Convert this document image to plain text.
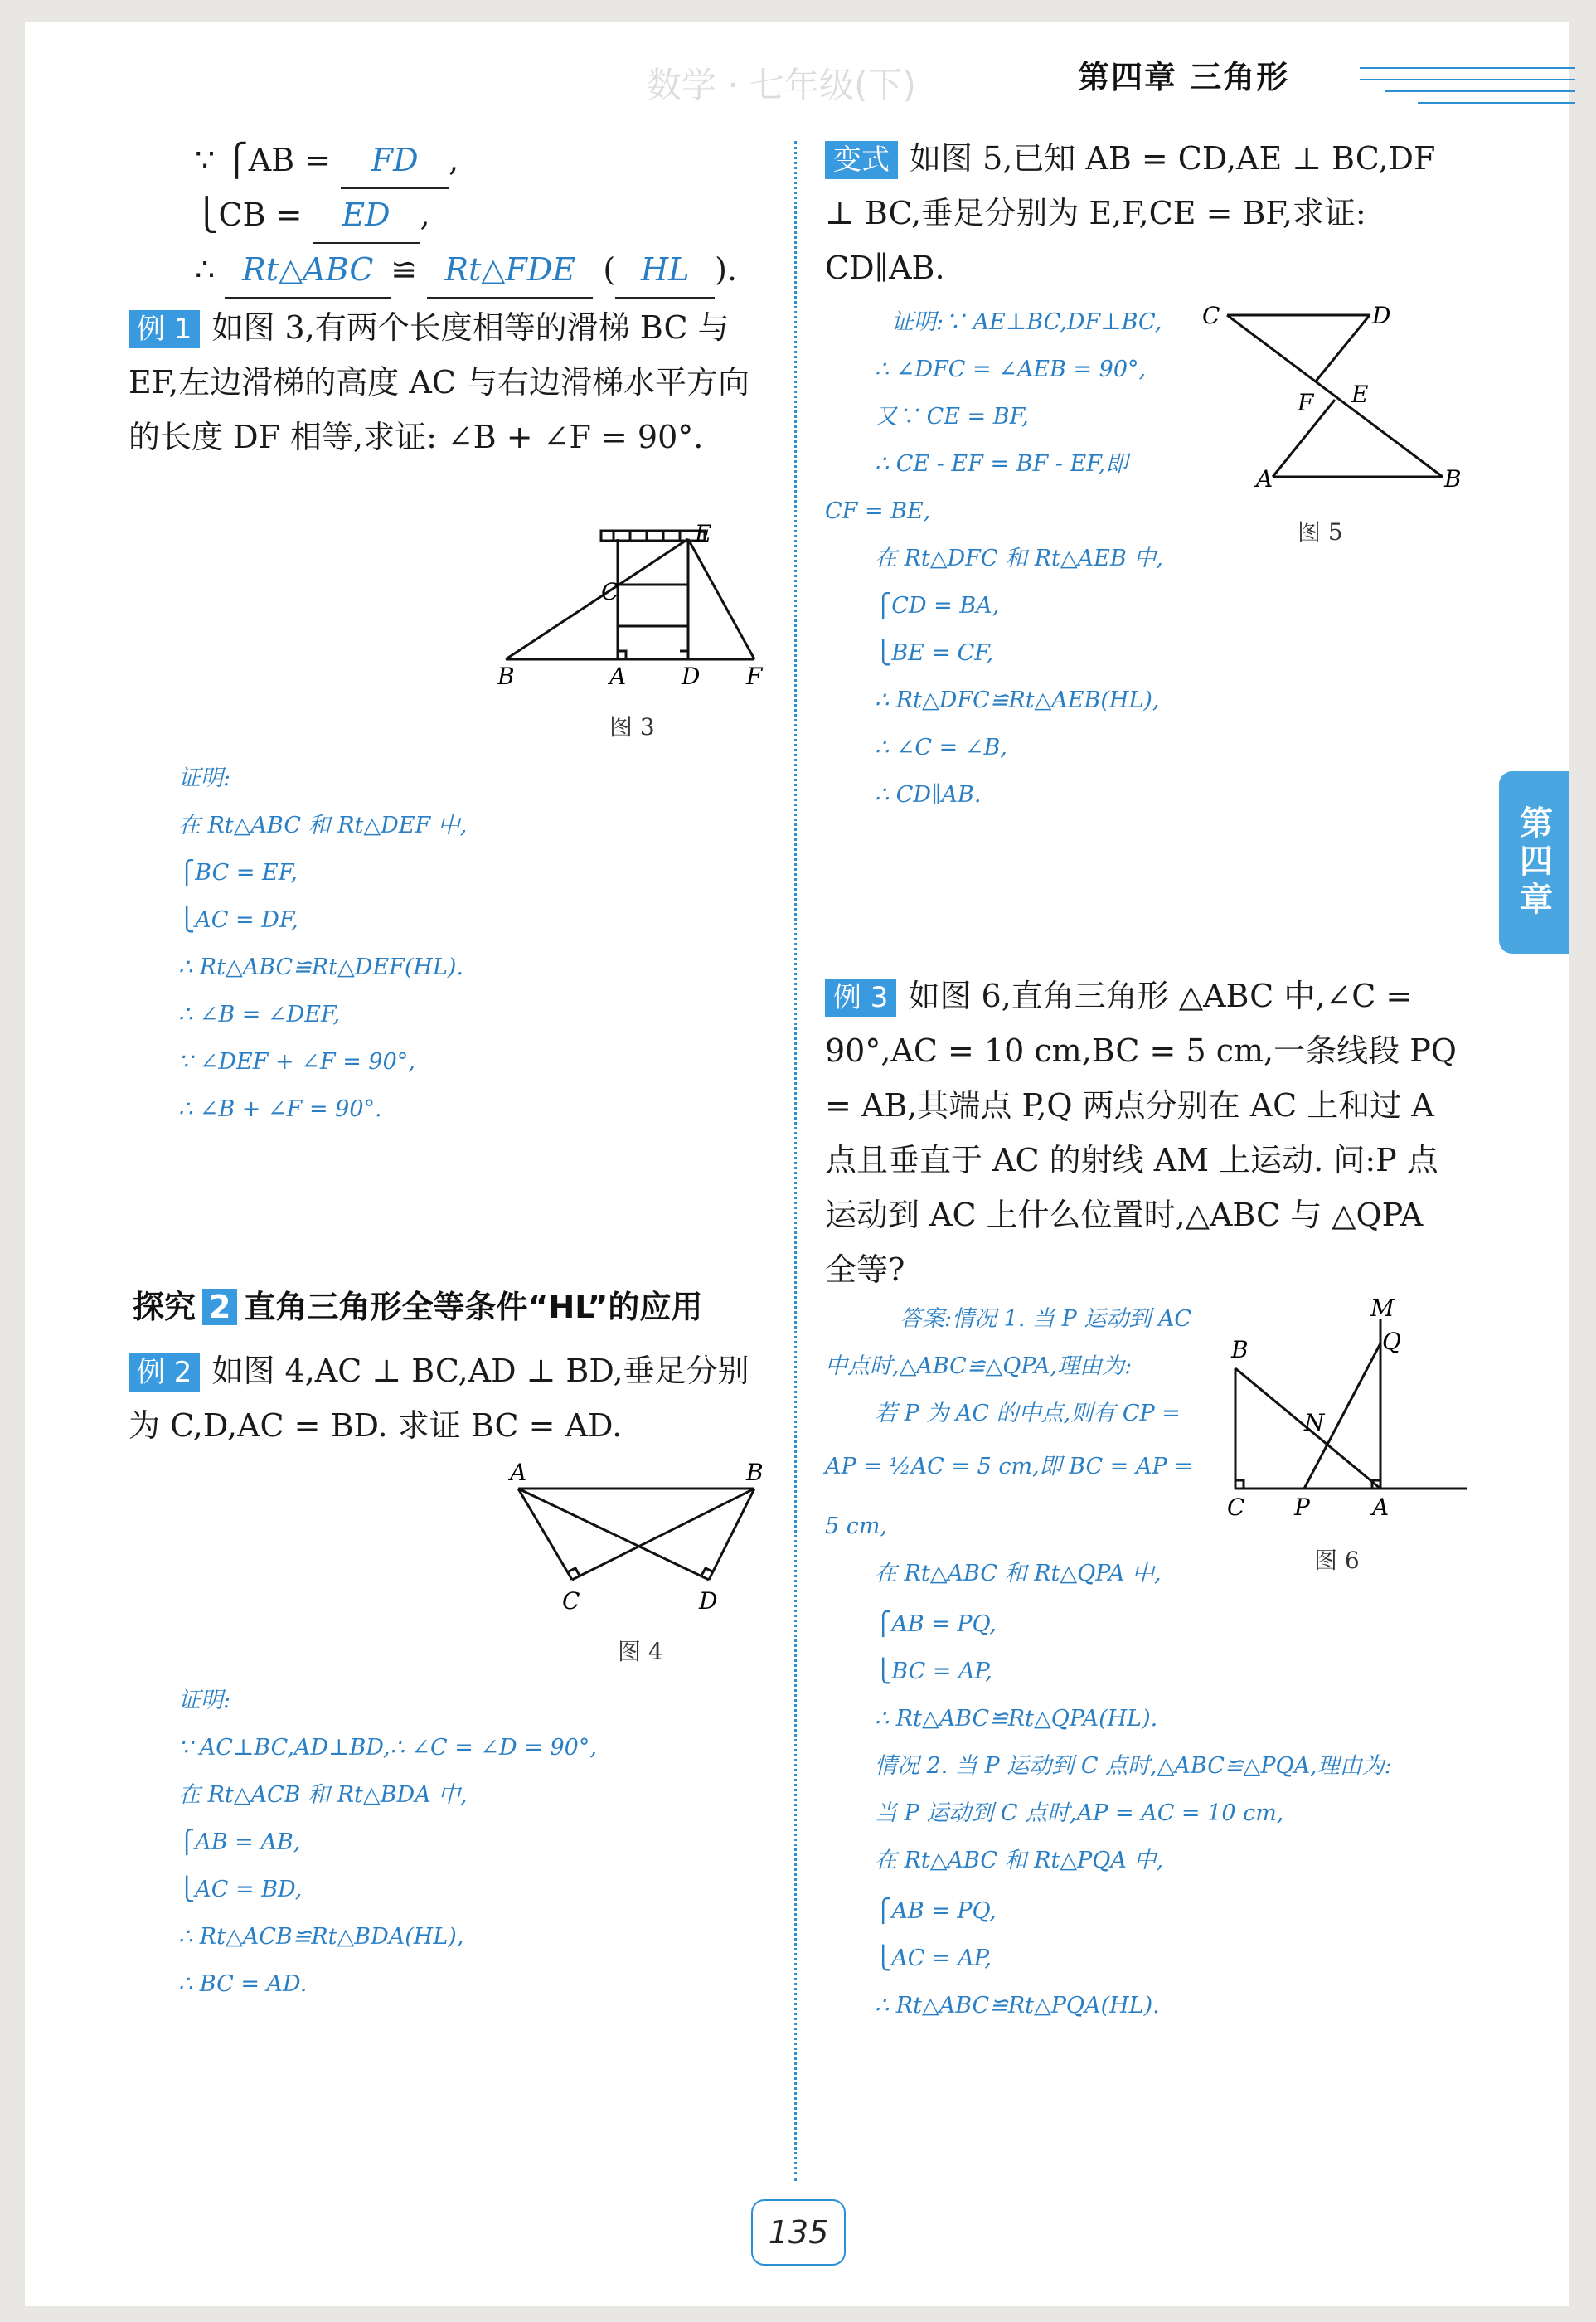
数学 · 七年级(下)	第四章 三角形
第四章
∵ ⎧AB = FD ,
⎩CB = ED ,
∴ Rt△ABC ≌ Rt△FDE ( HL ).
例 1 如图 3,有两个长度相等的滑梯 BC 与 EF,左边滑梯的高度 AC 与右边滑梯水平方向的长度 DF 相等,求证: ∠B + ∠F = 90°.
E
C
B	A D F
图 3
证明:
在 Rt△ABC 和 Rt△DEF 中,
⎧BC = EF,
⎩AC = DF,
∴ Rt△ABC≌Rt△DEF(HL).
∴ ∠B = ∠DEF,
∵ ∠DEF + ∠F = 90°,
∴ ∠B + ∠F = 90°.
探究 2 直角三角形全等条件“HL”的应用
例 2 如图 4,AC ⊥ BC,AD ⊥ BD,垂足分别为 C,D,AC = BD. 求证 BC = AD.
A	B
C	D
图 4
证明:
∵ AC⊥BC,AD⊥BD,∴ ∠C = ∠D = 90°,
在 Rt△ACB 和 Rt△BDA 中,
⎧AB = AB,
⎩AC = BD,
∴ Rt△ACB≌Rt△BDA(HL),
∴ BC = AD.
变式 如图 5,已知 AB = CD,AE ⊥ BC,DF ⊥ BC,垂足分别为 E,F,CE = BF,求证: CD∥AB.
C	D
F E
A	B
图 5
证明:∵ AE⊥BC,DF⊥BC,
∴ ∠DFC = ∠AEB = 90°,
又∵ CE = BF,
∴ CE - EF = BF - EF,即
CF = BE,
在 Rt△DFC 和 Rt△AEB 中,
⎧CD = BA,
⎩BE = CF,
∴ Rt△DFC≌Rt△AEB(HL),
∴ ∠C = ∠B,
∴ CD∥AB.
例 3 如图 6,直角三角形 △ABC 中,∠C = 90°,AC = 10 cm,BC = 5 cm,一条线段 PQ = AB,其端点 P,Q 两点分别在 AC 上和过 A 点且垂直于 AC 的射线 AM 上运动. 问:P 点运动到 AC 上什么位置时,△ABC 与 △QPA 全等?
M
Q
B
N
C P	A
图 6
答案:情况 1. 当 P 运动到 AC
中点时,△ABC≌△QPA,理由为:
若 P 为 AC 的中点,则有 CP =
AP = ½AC = 5 cm,即 BC = AP =
5 cm,
在 Rt△ABC 和 Rt△QPA 中,
⎧AB = PQ,
⎩BC = AP,
∴ Rt△ABC≌Rt△QPA(HL).
情况 2. 当 P 运动到 C 点时,△ABC≌△PQA,理由为:
当 P 运动到 C 点时,AP = AC = 10 cm,
在 Rt△ABC 和 Rt△PQA 中,
⎧AB = PQ,
⎩AC = AP,
∴ Rt△ABC≌Rt△PQA(HL).
135
